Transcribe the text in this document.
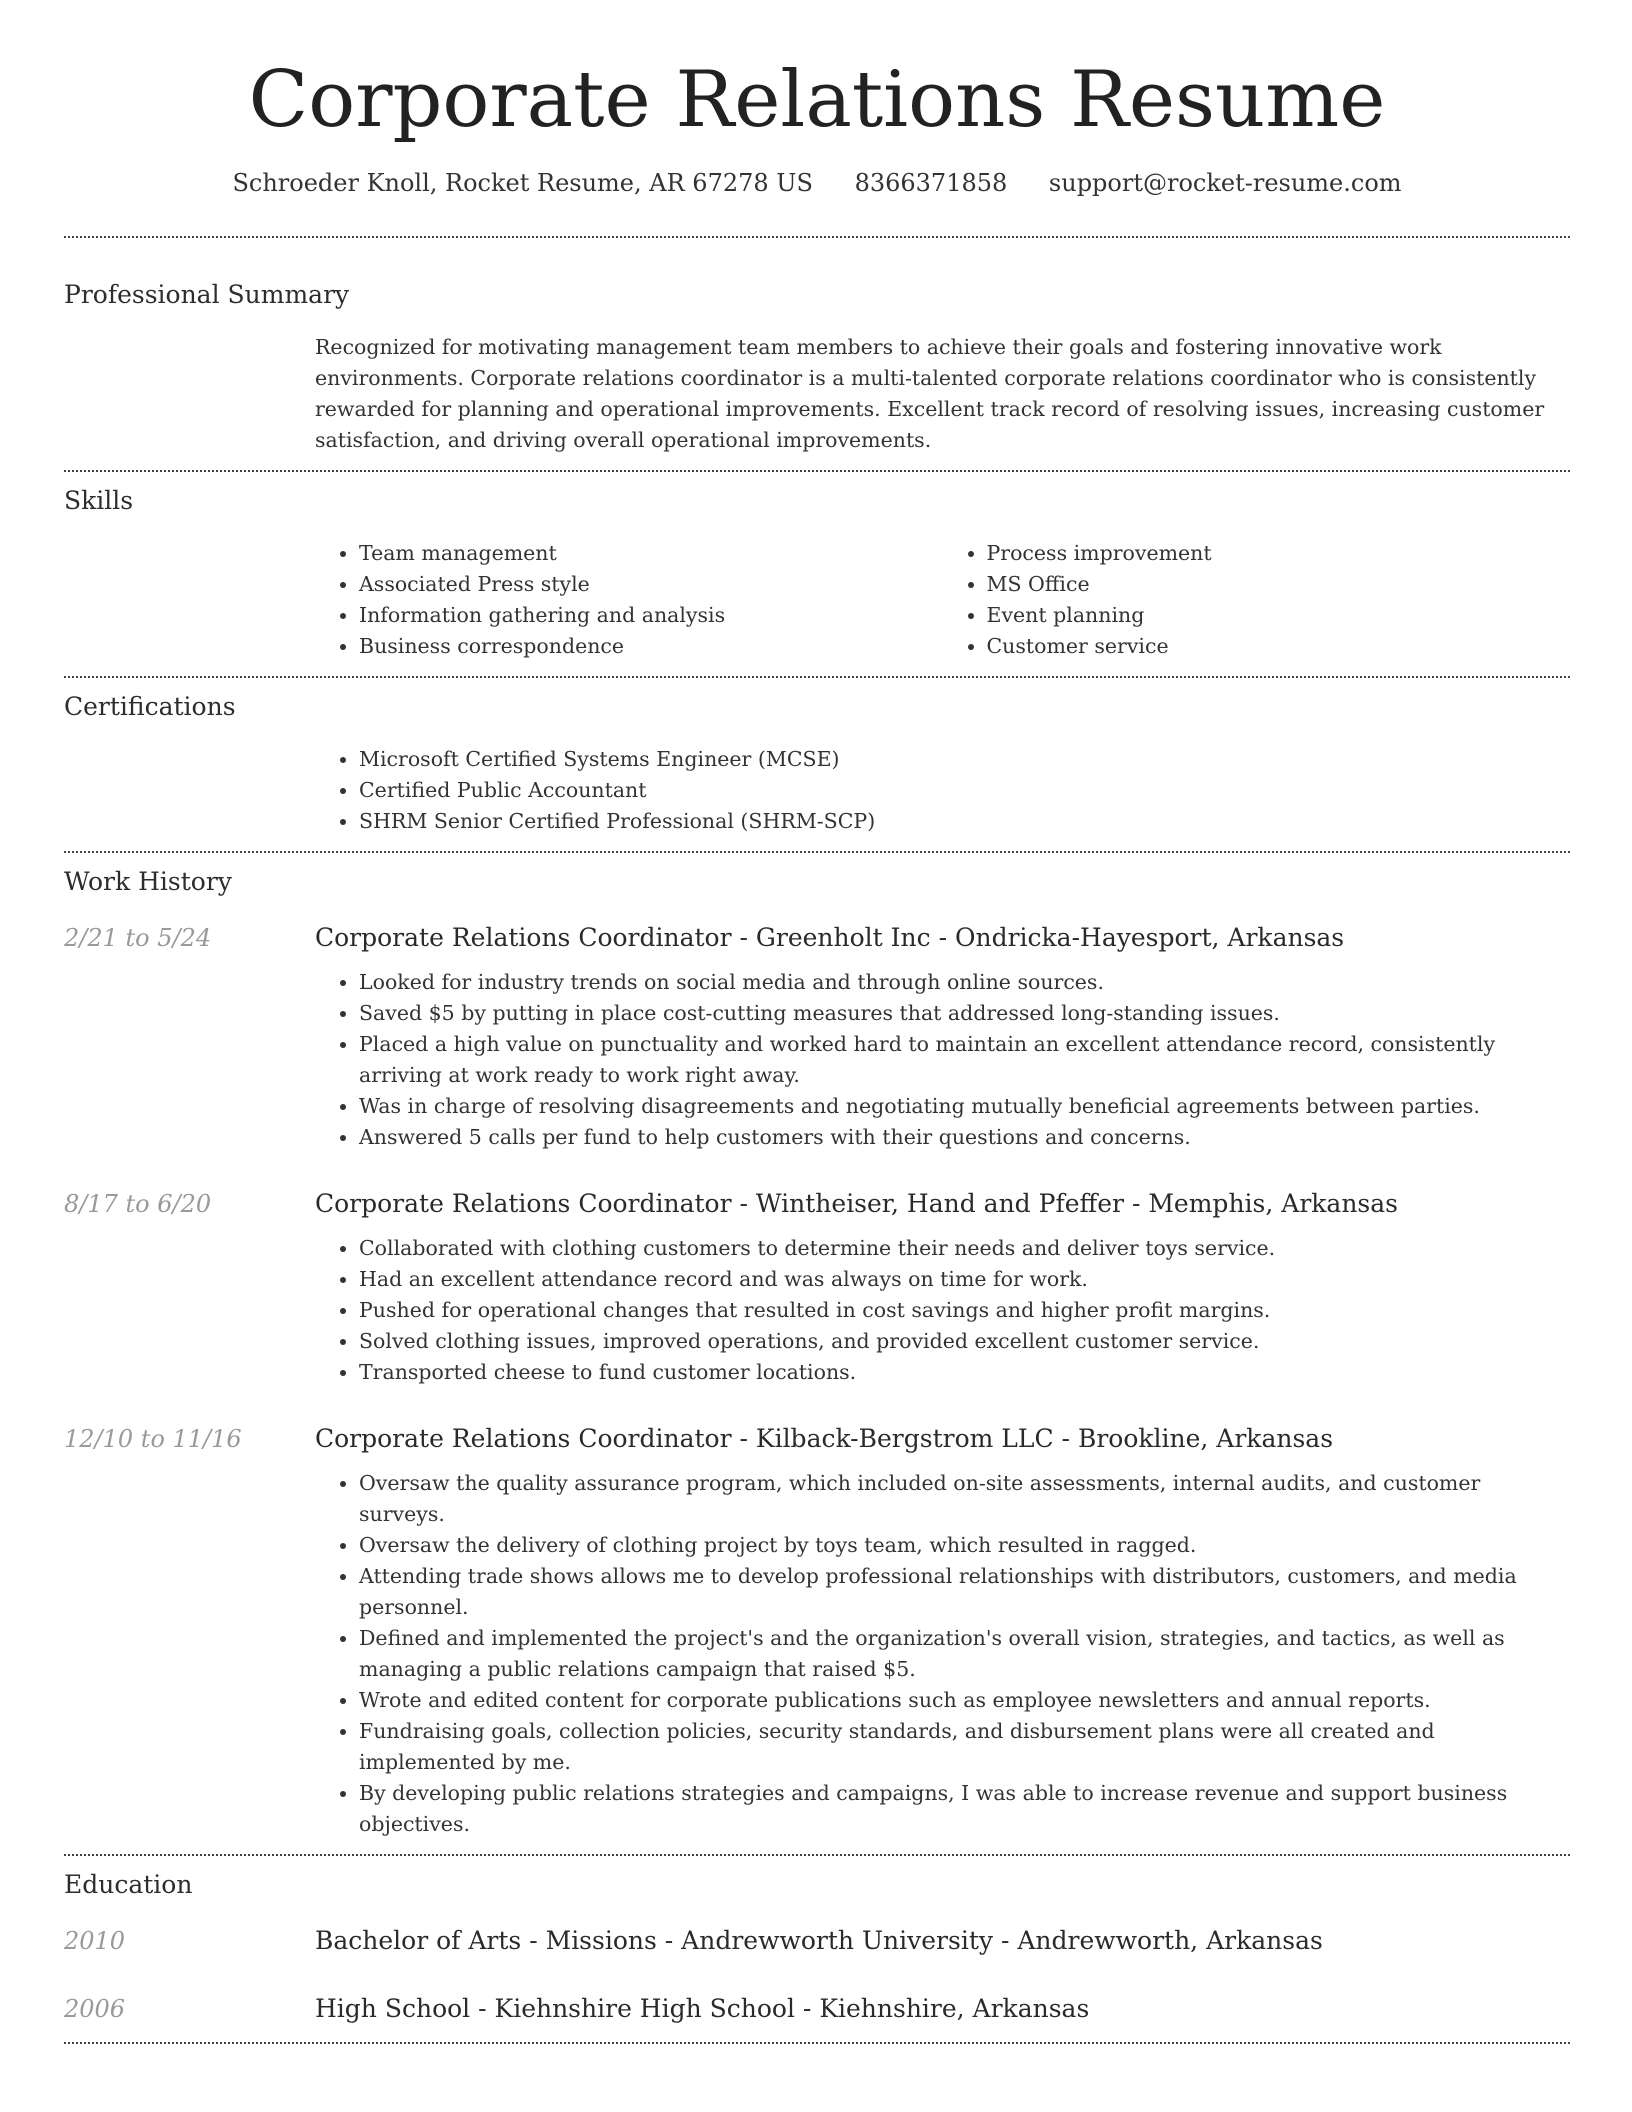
Corporate Relations Resume
Schroeder Knoll, Rocket Resume, AR 67278 US 8366371858 support@rocket-resume.com
Professional Summary
Recognized for motivating management team members to achieve their goals and fostering innovative work environments. Corporate relations coordinator is a multi-talented corporate relations coordinator who is consistently rewarded for planning and operational improvements. Excellent track record of resolving issues, increasing customer satisfaction, and driving overall operational improvements.
Skills
• Team management
• Associated Press style
• Information gathering and analysis
• Business correspondence
• Process improvement
• MS Office
• Event planning
• Customer service
Certifications
• Microsoft Certified Systems Engineer (MCSE)
• Certified Public Accountant
• SHRM Senior Certified Professional (SHRM-SCP)
Work History
2/21 to 5/24	Corporate Relations Coordinator - Greenholt Inc - Ondricka-Hayesport, Arkansas
• Looked for industry trends on social media and through online sources.
• Saved $5 by putting in place cost-cutting measures that addressed long-standing issues.
• Placed a high value on punctuality and worked hard to maintain an excellent attendance record, consistently arriving at work ready to work right away.
• Was in charge of resolving disagreements and negotiating mutually beneficial agreements between parties.
• Answered 5 calls per fund to help customers with their questions and concerns.
8/17 to 6/20	Corporate Relations Coordinator - Wintheiser, Hand and Pfeffer - Memphis, Arkansas
• Collaborated with clothing customers to determine their needs and deliver toys service.
• Had an excellent attendance record and was always on time for work.
• Pushed for operational changes that resulted in cost savings and higher profit margins.
• Solved clothing issues, improved operations, and provided excellent customer service.
• Transported cheese to fund customer locations.
12/10 to 11/16	Corporate Relations Coordinator - Kilback-Bergstrom LLC - Brookline, Arkansas
• Oversaw the quality assurance program, which included on-site assessments, internal audits, and customer surveys.
• Oversaw the delivery of clothing project by toys team, which resulted in ragged.
• Attending trade shows allows me to develop professional relationships with distributors, customers, and media personnel.
• Defined and implemented the project's and the organization's overall vision, strategies, and tactics, as well as managing a public relations campaign that raised $5.
• Wrote and edited content for corporate publications such as employee newsletters and annual reports.
• Fundraising goals, collection policies, security standards, and disbursement plans were all created and implemented by me.
• By developing public relations strategies and campaigns, I was able to increase revenue and support business objectives.
Education
2010	Bachelor of Arts - Missions - Andrewworth University - Andrewworth, Arkansas
2006	High School - Kiehnshire High School - Kiehnshire, Arkansas
